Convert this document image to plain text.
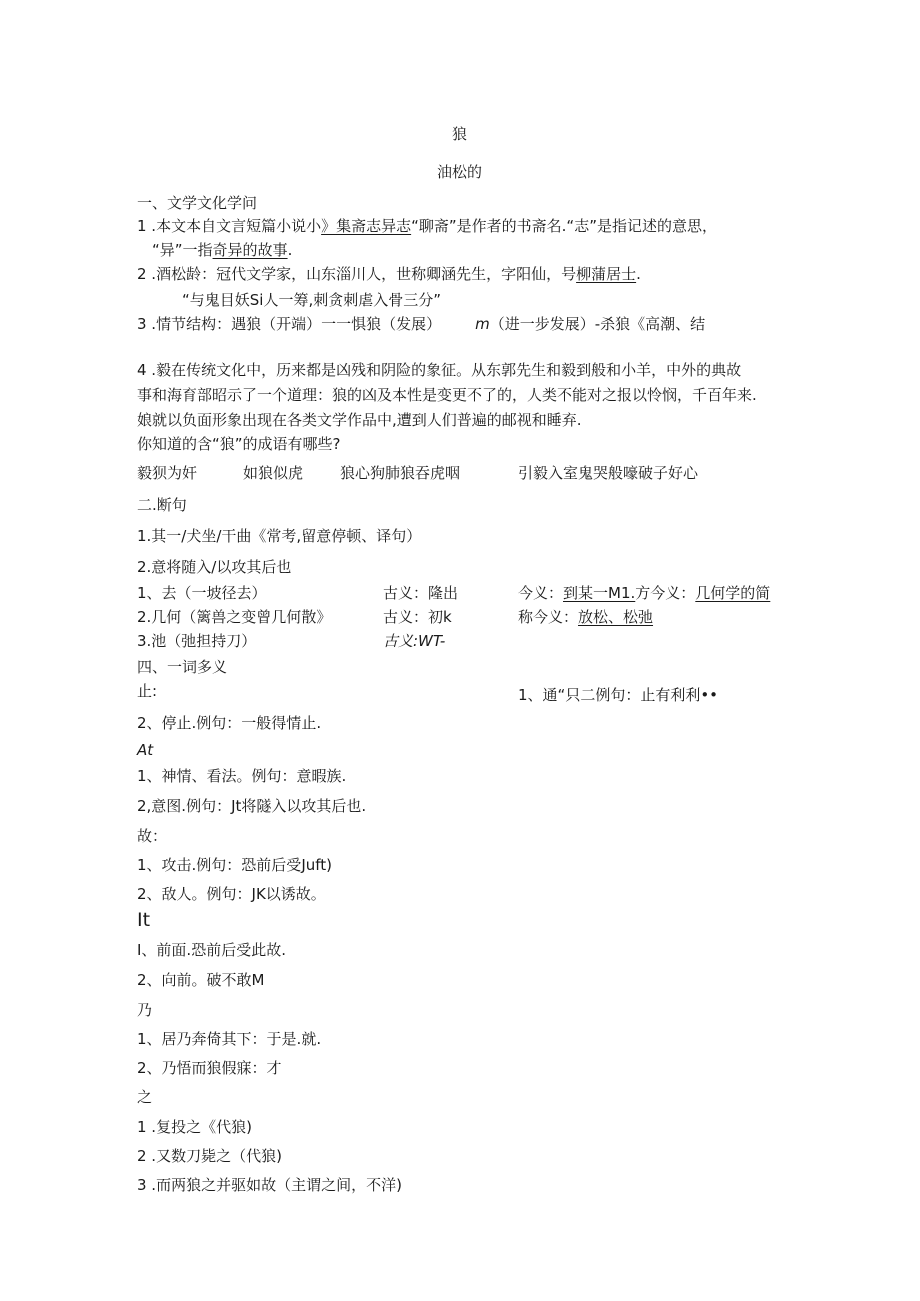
狼
油松的
一、文学文化学问
1 .本文本自文言短篇小说小》集斋志异志“聊斋”是作者的书斋名.“志”是指记述的意思，
“异”一指奇异的故事.
2 .酒松龄：冠代文学家，山东淄川人，世称卿涵先生，字阳仙，号柳蒲居士.
“与鬼目妖Si人一筹,刺贪刺虐入骨三分”
3 .情节结构：遇狼（开端）一一惧狼（发展） m（进一步发展）-杀狼《高潮、结
4 .毅在传统文化中，历来都是凶残和阴险的象征。从东郭先生和毅到般和小羊，中外的典故
事和海育部昭示了一个道理：狼的凶及本性是变更不了的，人类不能对之报以怜悯，千百年来.
娘就以负面形象出现在各类文学作品中,遭到人们普遍的邮视和睡弃.
你知道的含“狼”的成语有哪些?
毅狈为奸	如狼似虎 狼心狗肺狼吞虎咽	引毅入室鬼哭般嚎破子好心
二.断句
1.其一/犬坐/干曲《常考,留意停顿、译句）
2.意将随入/以攻其后也
1、去（一坡径去）	古义：隆出	今义：到某一M1.方今义：几何学的简
2.几何（篱兽之变曾几何散》	古义：初k	称今义：放松、松弛
3.池（弛担持刀）	古义:WT-
四、一词多义
止:	1、通“只二例句：止有利利••
2、停止.例句：一般得情止.
At
1、神情、看法。例句：意暇族.
2,意图.例句：Jt将隧入以攻其后也.
故：
1、攻击.例句：恐前后受Juft)
2、敌人。例句：JK以诱故。
It
I、前面.恐前后受此故.
2、向前。破不敢M
乃
1、居乃奔倚其下：于是.就.
2、乃悟而狼假寐：才
之
1 .复投之《代狼)
2 .又数刀毙之（代狼)
3 .而两狼之并驱如故（主谓之间，不洋)
